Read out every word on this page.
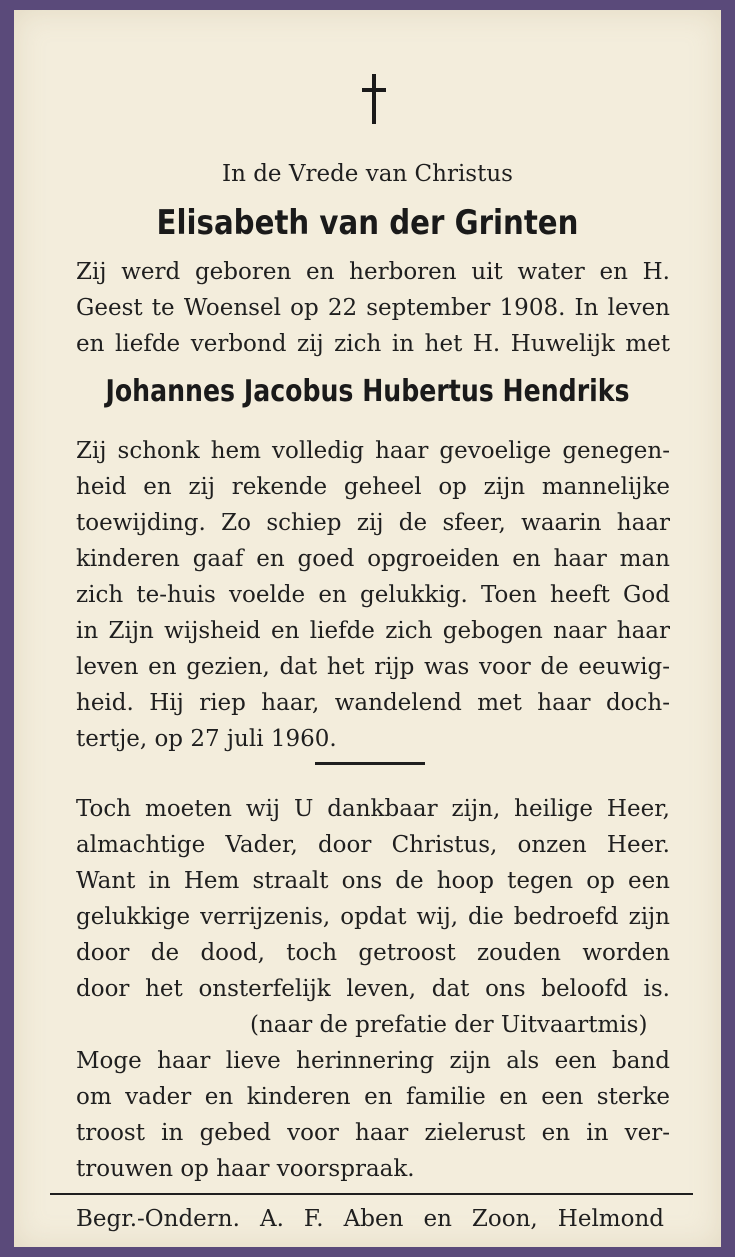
In de Vrede van Christus
Elisabeth van der Grinten
Zij werd geboren en herboren uit water en H.
Geest te Woensel op 22 september 1908. In leven
en liefde verbond zij zich in het H. Huwelijk met
Johannes Jacobus Hubertus Hendriks
Zij schonk hem volledig haar gevoelige genegen-
heid en zij rekende geheel op zijn mannelijke
toewijding. Zo schiep zij de sfeer, waarin haar
kinderen gaaf en goed opgroeiden en haar man
zich te-huis voelde en gelukkig. Toen heeft God
in Zijn wijsheid en liefde zich gebogen naar haar
leven en gezien, dat het rijp was voor de eeuwig-
heid. Hij riep haar, wandelend met haar doch-
tertje, op 27 juli 1960.
Toch moeten wij U dankbaar zijn, heilige Heer,
almachtige Vader, door Christus, onzen Heer.
Want in Hem straalt ons de hoop tegen op een
gelukkige verrijzenis, opdat wij, die bedroefd zijn
door de dood, toch getroost zouden worden
door het onsterfelijk leven, dat ons beloofd is.
(naar de prefatie der Uitvaartmis)
Moge haar lieve herinnering zijn als een band
om vader en kinderen en familie en een sterke
troost in gebed voor haar zielerust en in ver-
trouwen op haar voorspraak.
Begr.-Ondern. A. F. Aben en Zoon, Helmond
